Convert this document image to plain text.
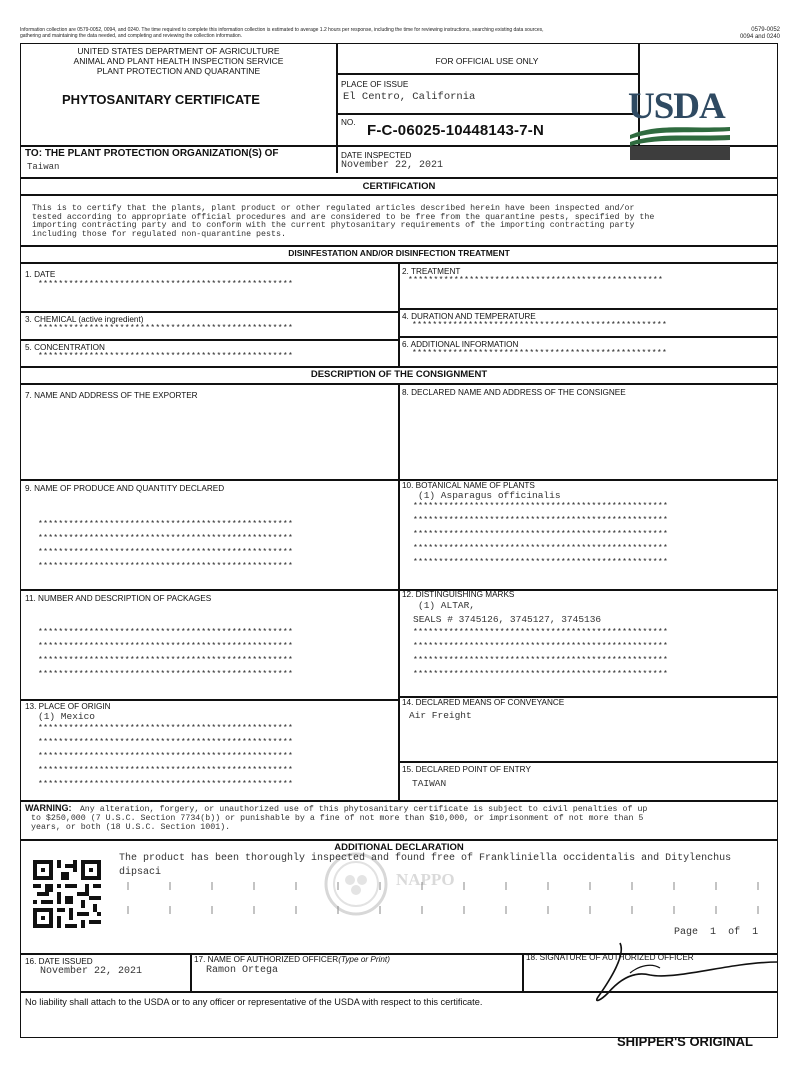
Information collection are 0579-0052, 0094, and 0240. The time required to complete this information collection is estimated to average 1.2 hours per response, including the time for reviewing instructions, searching existing data sources,
gathering and maintaining the data needed, and completing and reviewing the collection information.
0579-0052
0094 and 0240
UNITED STATES DEPARTMENT OF AGRICULTURE
ANIMAL AND PLANT HEALTH INSPECTION SERVICE
PLANT PROTECTION AND QUARANTINE
PHYTOSANITARY CERTIFICATE
FOR OFFICIAL USE ONLY
PLACE OF ISSUE
El Centro, California
NO. F-C-06025-10448143-7-N
USDA
TO: THE PLANT PROTECTION ORGANIZATION(S) OF
Taiwan
DATE INSPECTED
November 22, 2021
CERTIFICATION
This is to certify that the plants, plant product or other regulated articles described herein have been inspected and/or
tested according to appropriate official procedures and are considered to be free from the quarantine pests, specified by the
importing contracting party and to conform with the current phytosanitary requirements of the importing contracting party
including those for regulated non-quarantine pests.
DISINFESTATION AND/OR DISINFECTION TREATMENT
1. DATE
**************************************************
2. TREATMENT
**************************************************
3. CHEMICAL (active ingredient)
**************************************************
4. DURATION AND TEMPERATURE
**************************************************
5. CONCENTRATION
**************************************************
6. ADDITIONAL INFORMATION
**************************************************
DESCRIPTION OF THE CONSIGNMENT
7. NAME AND ADDRESS OF THE EXPORTER	8. DECLARED NAME AND ADDRESS OF THE CONSIGNEE
9. NAME OF PRODUCE AND QUANTITY DECLARED
**************************************************
**************************************************
**************************************************
**************************************************
10. BOTANICAL NAME OF PLANTS
(1) Asparagus officinalis
**************************************************
**************************************************
**************************************************
**************************************************
**************************************************
11. NUMBER AND DESCRIPTION OF PACKAGES
**************************************************
**************************************************
**************************************************
**************************************************
12. DISTINGUISHING MARKS
(1) ALTAR,
SEALS # 3745126, 3745127, 3745136
**************************************************
**************************************************
**************************************************
**************************************************
13. PLACE OF ORIGIN
(1) Mexico
**************************************************
**************************************************
**************************************************
**************************************************
**************************************************
14. DECLARED MEANS OF CONVEYANCE
Air Freight
15. DECLARED POINT OF ENTRY
TAIWAN
WARNING: Any alteration, forgery, or unauthorized use of this phytosanitary certificate is subject to civil penalties of up
to $250,000 (7 U.S.C. Section 7734(b)) or punishable by a fine of not more than $10,000, or imprisonment of not more than 5
years, or both (18 U.S.C. Section 1001).
ADDITIONAL DECLARATION
NAPPO
The product has been thoroughly inspected and found free of Frankliniella occidentalis and Ditylenchus
dipsaci
Page 1 of 1
16. DATE ISSUED
November 22, 2021
17. NAME OF AUTHORIZED OFFICER(Type or Print)
Ramon Ortega
18. SIGNATURE OF AUTHORIZED OFFICER
No liability shall attach to the USDA or to any officer or representative of the USDA with respect to this certificate.
SHIPPER'S ORIGINAL
